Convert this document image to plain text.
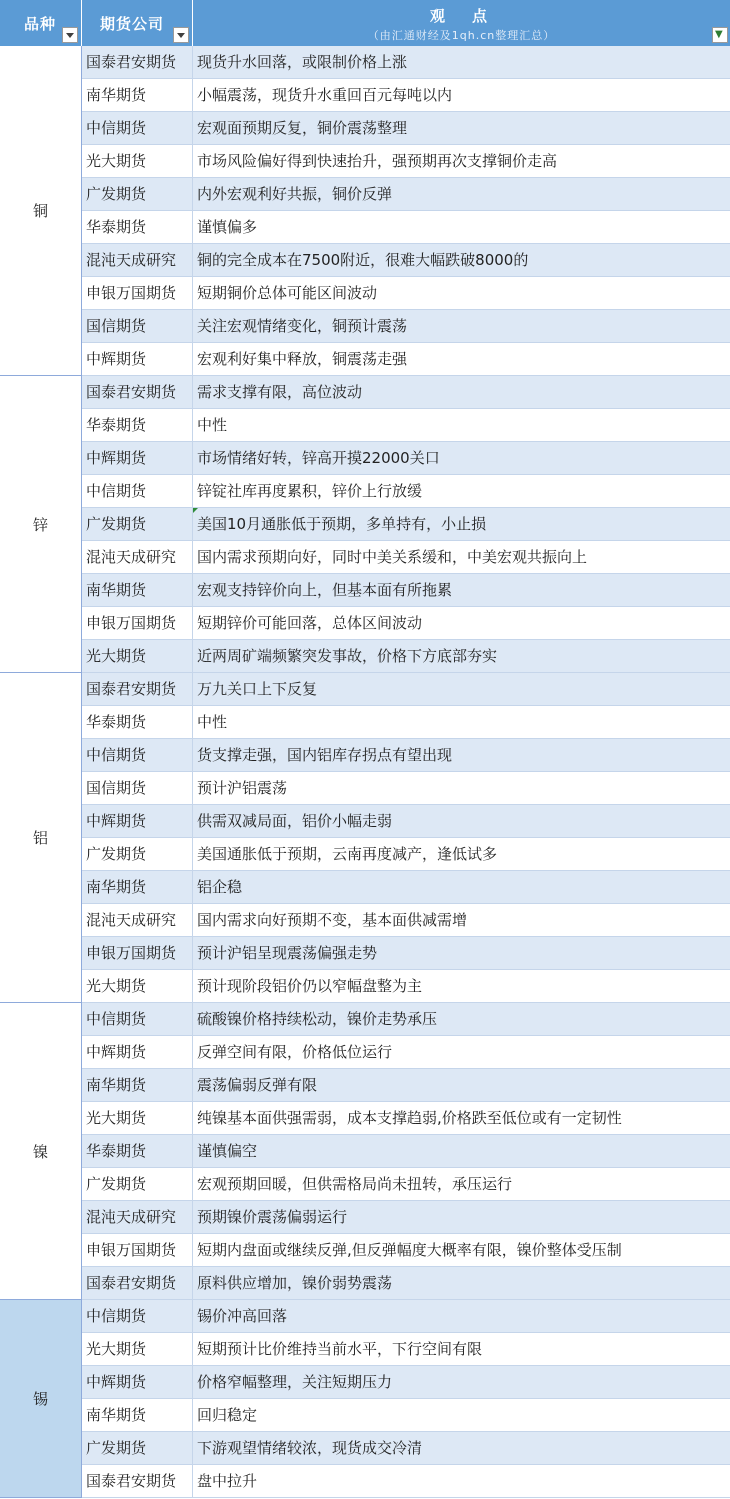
品种	期货公司	观　点
（由汇通财经及1qh.cn整理汇总）	▼
铜
国泰君安期货	现货升水回落，或限制价格上涨
南华期货	小幅震荡，现货升水重回百元每吨以内
中信期货	宏观面预期反复，铜价震荡整理
光大期货	市场风险偏好得到快速抬升，强预期再次支撑铜价走高
广发期货	内外宏观利好共振，铜价反弹
华泰期货	谨慎偏多
混沌天成研究	铜的完全成本在7500附近，很难大幅跌破8000的
申银万国期货	短期铜价总体可能区间波动
国信期货	关注宏观情绪变化，铜预计震荡
中辉期货	宏观利好集中释放，铜震荡走强
锌
国泰君安期货	需求支撑有限，高位波动
华泰期货	中性
中辉期货	市场情绪好转，锌高开摸22000关口
中信期货	锌锭社库再度累积，锌价上行放缓
广发期货	美国10月通胀低于预期，多单持有，小止损
混沌天成研究	国内需求预期向好，同时中美关系缓和，中美宏观共振向上
南华期货	宏观支持锌价向上，但基本面有所拖累
申银万国期货	短期锌价可能回落，总体区间波动
光大期货	近两周矿端频繁突发事故，价格下方底部夯实
铝
国泰君安期货	万九关口上下反复
华泰期货	中性
中信期货	货支撑走强，国内铝库存拐点有望出现
国信期货	预计沪铝震荡
中辉期货	供需双减局面，铝价小幅走弱
广发期货	美国通胀低于预期，云南再度减产，逢低试多
南华期货	铝企稳
混沌天成研究	国内需求向好预期不变，基本面供减需增
申银万国期货	预计沪铝呈现震荡偏强走势
光大期货	预计现阶段铝价仍以窄幅盘整为主
镍
中信期货	硫酸镍价格持续松动，镍价走势承压
中辉期货	反弹空间有限，价格低位运行
南华期货	震荡偏弱反弹有限
光大期货	纯镍基本面供强需弱，成本支撑趋弱,价格跌至低位或有一定韧性
华泰期货	谨慎偏空
广发期货	宏观预期回暖，但供需格局尚未扭转，承压运行
混沌天成研究	预期镍价震荡偏弱运行
申银万国期货	短期内盘面或继续反弹,但反弹幅度大概率有限，镍价整体受压制
国泰君安期货	原料供应增加，镍价弱势震荡
锡
中信期货	锡价冲高回落
光大期货	短期预计比价维持当前水平，下行空间有限
中辉期货	价格窄幅整理，关注短期压力
南华期货	回归稳定
广发期货	下游观望情绪较浓，现货成交冷清
国泰君安期货	盘中拉升
